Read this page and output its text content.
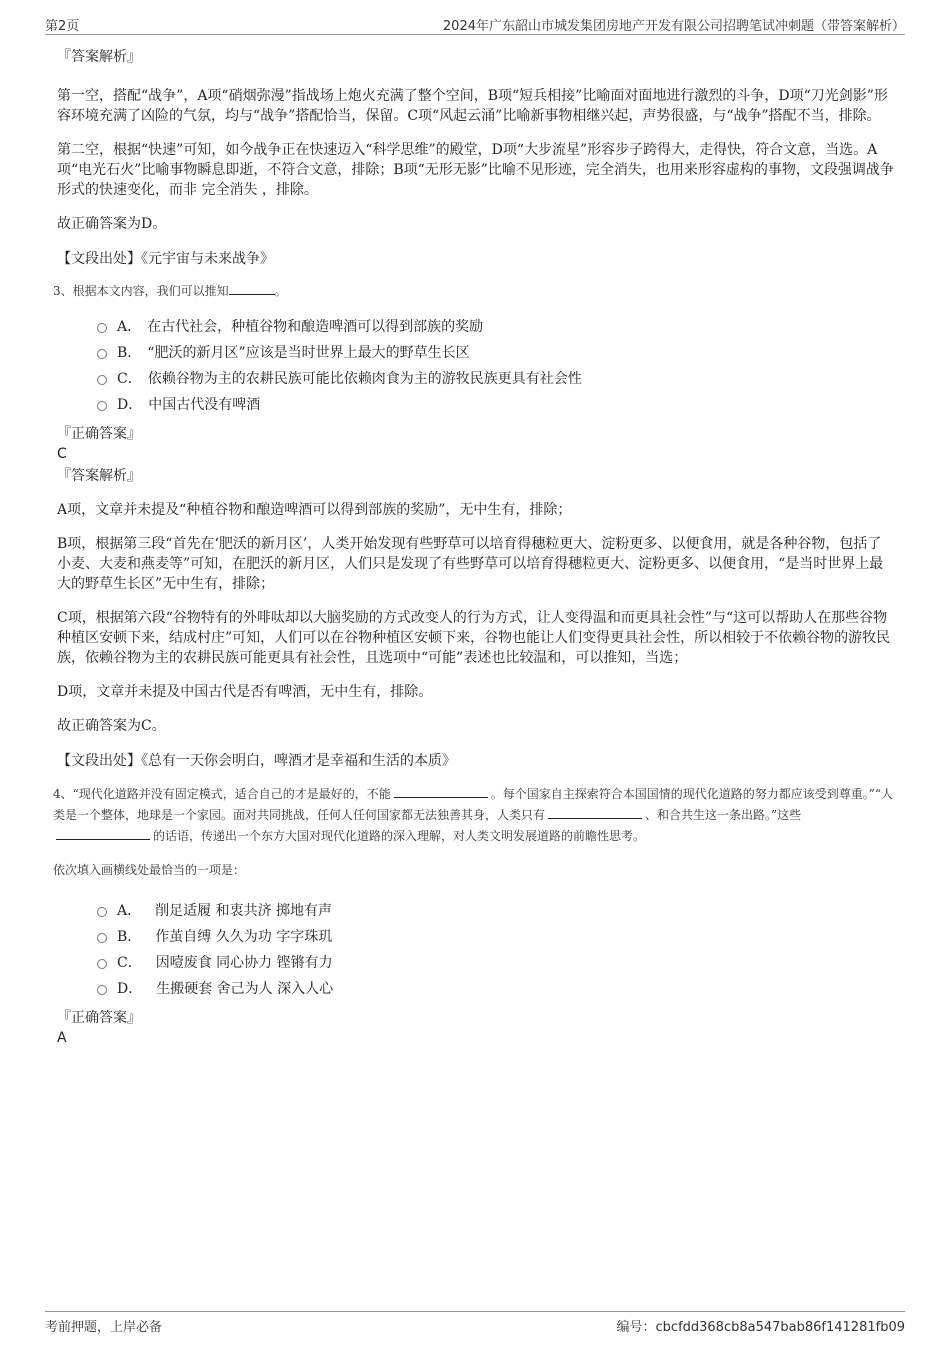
第2页	2024年广东韶山市城发集团房地产开发有限公司招聘笔试冲刺题（带答案解析）
『答案解析』

第一空，搭配“战争”，A项“硝烟弥漫”指战场上炮火充满了整个空间，B项“短兵相接”比喻面对面地进行激烈的斗争，D项“刀光剑影”形容环境充满了凶险的气氛，均与“战争”搭配恰当，保留。C项“风起云涌”比喻新事物相继兴起，声势很盛，与“战争”搭配不当，排除。

第二空，根据“快速”可知，如今战争正在快速迈入“科学思维”的殿堂，D项“大步流星”形容步子跨得大，走得快，符合文意，当选。A项“电光石火”比喻事物瞬息即逝，不符合文意，排除；B项“无形无影”比喻不见形迹，完全消失，也用来形容虚构的事物，文段强调战争形式的快速变化，而非 完全消失 ，排除。

故正确答案为D。

【文段出处】《元宇宙与未来战争》
3、根据本文内容，我们可以推知	。
A． 在古代社会，种植谷物和酿造啤酒可以得到部族的奖励
B． “肥沃的新月区”应该是当时世界上最大的野草生长区
C． 依赖谷物为主的农耕民族可能比依赖肉食为主的游牧民族更具有社会性
D． 中国古代没有啤酒
『正确答案』
C
『答案解析』

A项，文章并未提及“种植谷物和酿造啤酒可以得到部族的奖励”，无中生有，排除；

B项，根据第三段“首先在‘肥沃的新月区’，人类开始发现有些野草可以培育得穗粒更大、淀粉更多、以便食用，就是各种谷物，包括了小麦、大麦和燕麦等”可知，在肥沃的新月区，人们只是发现了有些野草可以培育得穗粒更大、淀粉更多、以便食用，“是当时世界上最大的野草生长区”无中生有，排除；

C项，根据第六段“谷物特有的外啡呔却以大脑奖励的方式改变人的行为方式，让人变得温和而更具社会性”与“这可以帮助人在那些谷物种植区安顿下来，结成村庄”可知，人们可以在谷物种植区安顿下来，谷物也能让人们变得更具社会性，所以相较于不依赖谷物的游牧民族，依赖谷物为主的农耕民族可能更具有社会性，且选项中“可能”表述也比较温和，可以推知，当选；

D项，文章并未提及中国古代是否有啤酒，无中生有，排除。

故正确答案为C。

【文段出处】《总有一天你会明白，啤酒才是幸福和生活的本质》
4、“现代化道路并没有固定模式，适合自己的才是最好的，不能	。每个国家自主探索符合本国国情的现代化道路的努力都应该受到尊重。”“人类是一个整体，地球是一个家园。面对共同挑战，任何人任何国家都无法独善其身，人类只有	、和合共生这一条出路。”这些的话语，传递出一个东方大国对现代化道路的深入理解，对人类文明发展道路的前瞻性思考。
依次填入画横线处最恰当的一项是：
A． 削足适履 和衷共济 掷地有声
B． 作茧自缚 久久为功 字字珠玑
C． 因噎废食 同心协力 铿锵有力
D． 生搬硬套 舍己为人 深入人心
『正确答案』
A
考前押题，上岸必备	编号：cbcfdd368cb8a547bab86f141281fb09
